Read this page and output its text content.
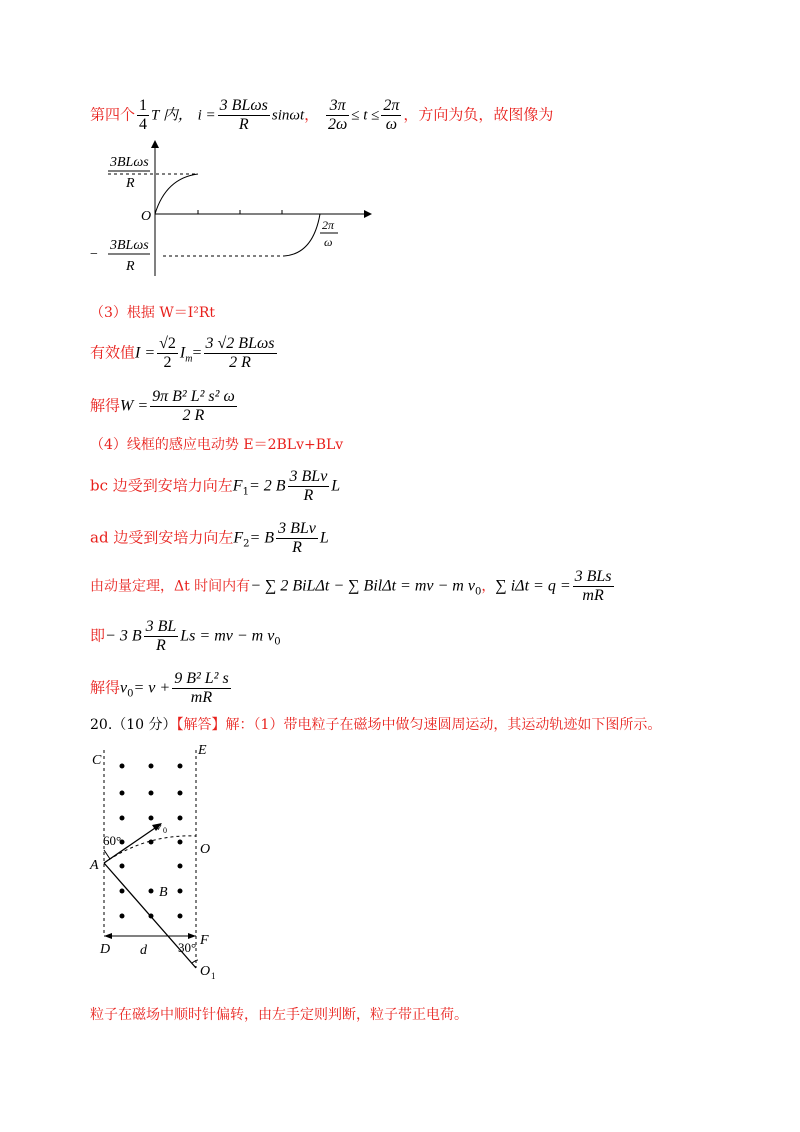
第四个 $\frac{1}{4}$ T 内， $i = \frac{\text{3 BLωs}}{R}$ sinωt， $\frac{3\pi}{2\omega} \le t \le \frac{2\pi}{\omega}$ ，方向为负，故图像为
3BLωs
R
O
−
3BLωs
R
2π
ω
（3）根据 W＝I²Rt
有效值$I = \frac{√2}{2} I_m= \frac{\text{3 √2 BLωs}}{2 R}$
解得$W = \frac{\text{9π B² L² s² ω}}{2 R}$
（4）线框的感应电动势 E＝2BLv+BLv
bc 边受到安培力向左$F_1= 2$ B $\frac{\text{3 BLv}}{R}$ L
ad 边受到安培力向左$F_2= B \frac{\text{3 BLv}}{R}$ L
由动量定理，Δt 时间内有− ∑ 2 BiLΔt − ∑ BilΔt = mv − m $v_0$，∑ $i\Delta t = q = \frac{\text{3 BLs}}{mR}$
即− 3 B $\frac{3 BL}{R}$ Ls = mv − m $v_0$
解得$v_0= v + \frac{\text{9 B² L² s}}{mR}$
20.（10 分）【解答】解：（1）带电粒子在磁场中做匀速圆周运动，其运动轨迹如下图所示。
C
E
O
A
B
D
F
d
O 1
60°
30°
v 0
粒子在磁场中顺时针偏转，由左手定则判断，粒子带正电荷。
